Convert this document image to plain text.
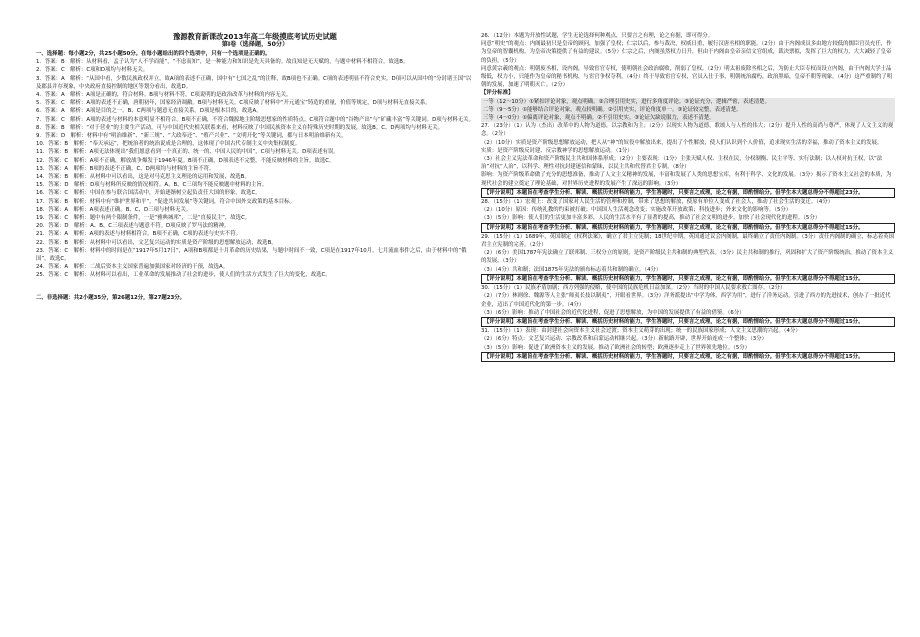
豫源教育新课改2013年高二年级摸底考试历史试题
第Ⅰ卷（选择题，50分）
一、选择题：每小题2分，共25小题50分。在每小题给出的四个选项中，只有一个选项是正确的。

1．答案：B　解析：从材料看，孟子认为“人不学而能”，“不虑而知”，是一种能力和知识是先天具备的。故良知是无天赋的，与题中材料不相符合。故选B。

2．答案：C　解析：C项和D项均与材料无关。

3．答案：A　解析：“从国中看，少数民族政权并立，故A项的表述不正确，国中有“七国之乱”的注释，故B项也不正确。C项的表述明显不符合史实。D项可以从国中的“分封诸王国”以及郡县并存现象，中央政府直接控制的地区等划分看出，故选D。

4．答案：A　解析：A项是正确的，符合材料。B项与材料不符。C项说明的是政治改革与材料的内容无关。

5．答案：C　解析：A项的表述不正确，唐朝初年，国家经济凋敝。B项与材料无关。C项反映了材料中“开元通宝”铸造的重量，价值等规定，D项与材料无直接关系。

6．答案：A　解析：A项是目的之一。B、C两项与题意无直接关系。D项是根本目的，故选A。

7．答案：C　解析：A项的表述与材料的本意明显不相符合。B项不正确，不符合魏源地主阶级思想家的性质特点。C项符合题中的“谷物产出”与“矿藏丰富”等关键词。D项与材料无关。

8．答案：B　解析：“对于营业”的主要生产活动，可与中国近代史相关联系来看，材料反映了中国民族资本主义在特殊历史时期的发展，故选B。C、D两项均与材料无关。

9．答案：D　解析：材料中有“明治维新”、“新三规”、“大政奉还”、“殖产兴业”、“文明开化”等关键词，都与日本明治维新有关。

10．答案：B　解析：“奉天承运”，把统治者的统治说成是合理的，这体现了中国古代专制主义中央集权制度。

11．答案：B　解析：A项无法体现出“我们愿意看到一个真正的、统一的、中国人民的中国”，C项与材料无关。D项表述有误。

12．答案：C　解析：A项不正确，解放战争爆发于1946年夏。B项不正确，D项表述不完整，不能反映材料的主旨，故选C。

13．答案：A　解析：B项的表述不正确。C、D两项均与材料的主旨不符。

14．答案：B　解析：从材料中可以看出，这是对马克思主义理论的运用和发展，故选B。

15．答案：D　解析：D项与材料所反映的情况相符。A、B、C三项均不能反映题中材料的主旨。

16．答案：C　解析：中国在参与联合国活动中，开始逐渐树立起负责任大国的形象，故选C。

17．答案：B　解析：材料中有“维护世界和平”，“促进共同发展”等关键词，符合中国外交政策的基本目标。

18．答案：A　解析：A项表述正确。B、C、D三项与材料无关。

19．答案：C　解析：题中有两个限制条件，一是“雅典城邦”，二是“直接民主”，故选C。

20．答案：D　解析：A、B、C三项表述与题意不符。D项反映了罗马法的精神。

21．答案：A　解析：A项的表述与材料相符合。B项不正确，C项的表述与史实不符。

22．答案：B　解析：从材料中可以看出，文艺复兴运动的实质是资产阶级的思想解放运动，故选B。

23．答案：C　解析：材料中的时间是在“1917年5月17日”，A项和B项都是十月革命的历史结果，与题中时间不一致，C项是在1917年10月，七月流血事件之后，由于材料中的“俄国”，故选C。

24．答案：A　解析：二战后资本主义国家普遍加强国家对经济的干预，故选A。

25．答案：C　解析：从材料可以看出，工业革命的发展推动了社会的进步，使人们的生活方式发生了巨大的变化，故选C。

二、非选择题：共2小题35分，第26题12分，第27题23分。

26．（12分）本题为开放性试题，学生无论选择何种观点，只要言之有理，论之有据，即可得分。

同意“明史”的观点：内阁最初只是皇帝的顾问，加强了皇权；仁宗以后，参与裁决，权威日重，履行汉唐丞相的职能。（2分）由于内阁成员多由地方较低的儒臣官员充任，作为皇帝的智囊机构，为皇帝决策提供了有益的建议。（5分）仁宗之后，内阁虽然权力日升，但由于内阁由皇帝亲信文官组成，裁决票拟，发挥了巨大的权力，大大减轻了皇帝的负担。（5分）

同意黄宗羲的观点：明朝废丞相，设内阁，导致宦官专权，使明朝社会政治腐败，削弱了皇权。（2分）明太祖废除丞相之后，为防止大臣专权而设立内阁，由于内阁大学士品级低，权力小，只能作为皇帝的秘书机构，与宦官争权夺利。（4分）终于导致宦官专权，官员入仕于事，明朝统治腐朽，政治黑暗，皇帝不朝等现象。（4分）这严重制约了明朝的发展，加速了明朝灭亡。（2分）

【评分标准】

一等（12～10分）①紧扣评论对象，观点明确。②合理引用史实，进行多角度评论。③论证充分，逻辑严密，表述清楚。

二等（9～5分）①能够结合评论对象，观点较明确。②引用史实，评论角度单一。③论证较完整，表述清楚。

三等（4～0分）①偏离评论对象，观点不明确。②不引用史实。③论证欠缺说服力，表述不清楚。

27．（23分）（1）认为（杰出）改革中的人物为道德，以宗教和为主；（2分）以现实人物为道德，歌颂人与人性的伟大；（2分）提升人性的高尚与尊严，体现了人文主义的观念。（2分）

（2）（10分）实质是资产阶级思想解放运动，把人从“神”的奴役中解放出来，提出了个性解放，使人们认识到个人价值，追求现实生活的幸福，推动了资本主义的发展。

实质：是资产阶级反封建、反宗教神学的思想解放运动。（1分）

（3）社会主义宪法革命和资产阶级民主共和国体系形成；（2分）主要表现：（1分）主张天赋人权、主权在民，分权制衡、民主平等、实行法制；以人权对抗王权，以“法治”对抗“人治”，以科学、理性对抗封建迷信和蒙昧，以民主共和代替君主专制。（8分）

影响：为资产阶级革命做了充分的思想准备，推动了人文主义精神的发展，丰富和发展了人类的思想宝库，有利于科学、文化的发展。（3分）揭示了资本主义社会的本质，为现代社会的建立奠定了理论基础，对世界历史进程的发展产生了深远的影响。（3分）

【评分说明】本题旨在考查学生分析、解读、概括历史材料的能力，学生答题时，只要言之成理，论之有据，即酌情给分。但学生本大题总得分不得超过23分。

28．（15分）（1）宏观上：改变了国家对人民生活的管理和控制，带来了思想的解放，使原有单位人变成了社会人，推动了社会生活的变迁。（4分）

（2）（10分）原因：传统礼教的约束被打破；中国国人生活观念改变；实施改革开放政策；科技进步；外来文化的影响等。（5分）

（3）（5分）影响：使人们的生活更加丰富多彩，人民的生活水平有了显著的提高，推动了社会文明的进步，加快了社会现代化的进程。（5分）

【评分说明】本题旨在考查学生分析、解读、概括历史材料的能力，学生答题时，只要言之成理，论之有据，即酌情给分。但学生本大题总得分不得超过15分。

29．（15分）（1）1689年，英国制定《权利法案》，确立了君主立宪制；18世纪中期，英国通过议会内阁制，最终确立了责任内阁制。（3分）责任内阁制的确立，标志着英国君主立宪制的完善。（2分）

（2）（6分）美国1787年宪法确立了联邦制、三权分立的原则，是资产阶级民主共和制的典型代表。（3分）民主共和制的推行，巩固和扩大了资产阶级统治，推动了资本主义的发展。（3分）

（3）（4分）共和制；法国1875年宪法的颁布标志着共和制的确立。（4分）

【评分说明】本题旨在考查学生分析、解读、概括历史材料的能力，学生答题时，只要言之成理，论之有据，即酌情给分。但学生本大题总得分不得超过15分。

30．（15分）（1）民族矛盾加剧；西方列强的侵略，使中国的民族危机日益加深。（2分）当时的中国人民要求救亡图存。（2分）

（2）（7分）林则徐、魏源等人主张“师夷长技以制夷”，开眼看世界。（3分）洋务派提出“中学为体，西学为用”，进行了洋务运动，引进了西方的先进技术，创办了一批近代企业，迈出了中国近代化的第一步。（4分）

（3）（6分）影响：推动了中国社会的近代化进程，促进了思想解放，为中国的发展提供了有益的借鉴。（6分）

【评分说明】本题旨在考查学生分析、解读、概括历史材料的能力，学生答题时，只要言之成理，论之有据，即酌情给分。但学生本大题总得分不得超过15分。

31．（15分）（1）表现：由封建社会向资本主义社会过渡；资本主义萌芽的出现；统一的民族国家形成；人文主义思潮的兴起。（4分）

（2）（6分）特点：文艺复兴运动、宗教改革和启蒙运动相继兴起。（3分）新航路开辟，世界开始连成一个整体；（3分）

（3）（5分）影响：促进了欧洲资本主义的发展，推动了欧洲社会的转型；欧洲逐步走上了世界领先地位。（5分）

【评分说明】本题旨在考查学生分析、解读、概括历史材料的能力，学生答题时，只要言之成理，论之有据，即酌情给分。但学生本大题总得分不得超过15分。
